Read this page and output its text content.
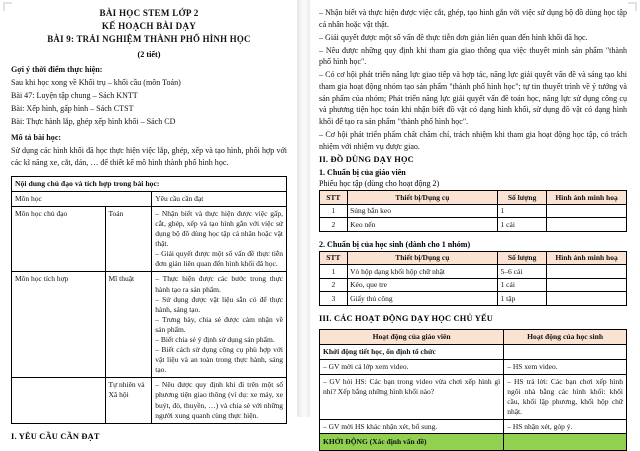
BÀI HỌC STEM LỚP 2
KẾ HOẠCH BÀI DẠY
BÀI 9: TRẢI NGHIỆM THÀNH PHỐ HÌNH HỌC
(2 tiết)
Gợi ý thời điểm thực hiện:

Sau khi học xong về Khối trụ – khối cầu (môn Toán)

Bài 47: Luyện tập chung – Sách KNTT

Bài: Xếp hình, gấp hình – Sách CTST

Bài: Thực hành lắp, ghép xếp hình khối – Sách CD

Mô tả bài học:

Sử dụng các hình khối đã học thực hiện việc lắp, ghép, xếp và tạo hình, phối hợp với các kĩ năng xe, cắt, dán, … để thiết kế mô hình thành phố hình học.

Nội dung chủ đạo và tích hợp trong bài học:		
Môn học		Yêu cầu cần đạt
Môn học chủ đạo	Toán	– Nhận biết và thực hiện được việc gấp, cắt, ghép, xếp và tạo hình gắn với việc sử dụng bộ đồ dùng học tập cá nhân hoặc vật thật.
– Giải quyết được một số vấn đề thực tiễn đơn giản liên quan đến hình khối đã học.

Môn học tích hợp	Mĩ thuật	– Thực hiện được các bước trong thực hành tạo ra sản phẩm.
– Sử dụng được vật liệu sẵn có để thực hành, sáng tạo.
– Trưng bày, chia sẻ được cảm nhận về sản phẩm.
– Biết chia sẻ ý định sử dụng sản phẩm.
– Biết cách sử dụng công cụ phù hợp với vật liệu và an toàn trong thực hành, sáng tạo.

	Tự nhiên và Xã hội	– Nêu được quy định khi đi trên một số phương tiện giao thông (ví dụ: xe máy, xe buýt, đò, thuyền, …) và chia sẻ với những người xung quanh cùng thực hiện.
I. YÊU CẦU CẦN ĐẠT

– Nhận biết và thực hiện được việc cắt, ghép, tạo hình gắn với việc sử dụng bộ đồ dùng học tập cá nhân hoặc vật thật.

– Giải quyết được một số vấn đề thực tiễn đơn giản liên quan đến hình khối đã học.

– Nêu được những quy định khi tham gia giao thông qua việc thuyết minh sản phẩm "thành phố hình học".

– Có cơ hội phát triển năng lực giao tiếp và hợp tác, năng lực giải quyết vấn đề và sáng tạo khi tham gia hoạt động nhóm tạo sản phẩm "thành phố hình học"; tự tin thuyết trình về ý tưởng và sản phẩm của nhóm; Phát triển năng lực giải quyết vấn đề toán học, năng lực sử dụng công cụ và phương tiện học toán khi nhận biết đồ vật có dạng hình khối, sử dụng đồ vật có dạng hình khối để tạo ra sản phẩm "thành phố hình học".

– Cơ hội phát triển phẩm chất chăm chỉ, trách nhiệm khi tham gia hoạt động học tập, có trách nhiệm với nhiệm vụ được giao.

II. ĐỒ DÙNG DẠY HỌC
1. Chuẩn bị của giáo viên
Phiếu học tập (dùng cho hoạt động 2)
STT	Thiết bị/Dụng cụ	Số lượng	Hình ảnh minh hoạ
1	Súng bắn keo	1	
2	Keo nến	1 cái	
2. Chuẩn bị của học sinh (dành cho 1 nhóm)
STT	Thiết bị/Dụng cụ	Số lượng	Hình ảnh minh hoạ
1	Vỏ hộp dạng khối hộp chữ nhật	5–6 cái	
2	Kéo, que tre	1 cái	
3	Giấy thủ công	1 tập	
III. CÁC HOẠT ĐỘNG DẠY HỌC CHỦ YẾU
Hoạt động của giáo viên	Hoạt động của học sinh
Khởi động tiết học, ổn định tổ chức	
– GV mời cả lớp xem video.	– HS xem video.
– GV hỏi HS: Các bạn trong video vừa chơi xếp hình gì nhỉ? Xếp bằng những hình khối nào?	– HS trả lời: Các bạn chơi xếp hình ngôi nhà bằng các hình khối: khối cầu, khối lập phương, khối hộp chữ nhật.
– GV mời HS khác nhận xét, bổ sung.	– HS nhận xét, góp ý.
KHỞI ĐỘNG (Xác định vấn đề)	
